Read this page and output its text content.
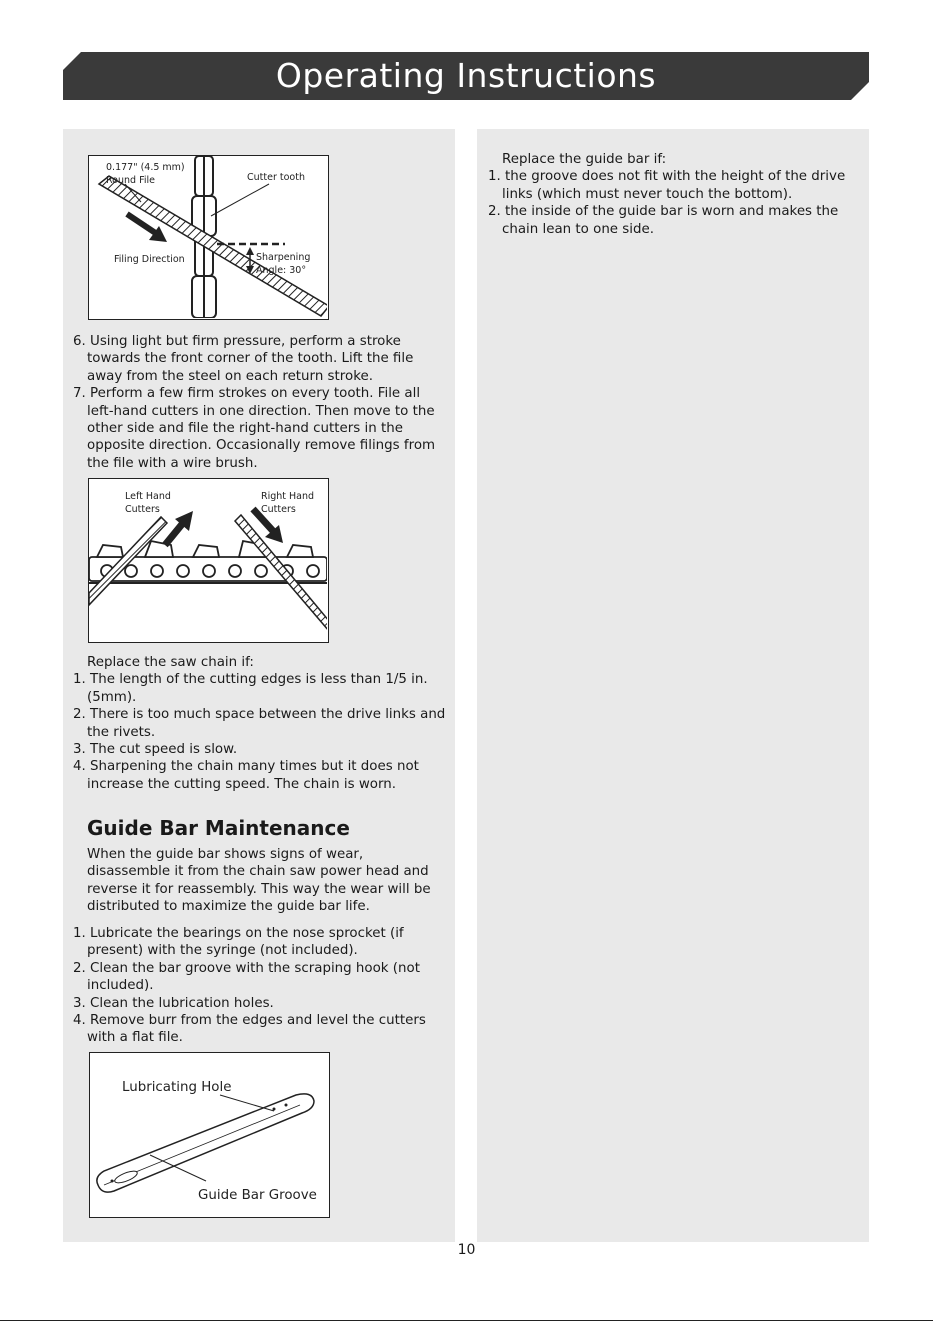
Operating Instructions
0.177" (4.5 mm)
Round File	Cutter tooth
Filing Direction	Sharpening
Angle: 30°
6. Using light but firm pressure, perform a stroke
towards the front corner of the tooth. Lift the file
away from the steel on each return stroke.
7. Perform a few firm strokes on every tooth. File all
left-hand cutters in one direction. Then move to the
other side and file the right-hand cutters in the
opposite direction. Occasionally remove filings from
the file with a wire brush.
Left Hand
Cutters
Right Hand
Cutters
Replace the saw chain if:
1. The length of the cutting edges is less than 1/5 in.
(5mm).
2. There is too much space between the drive links and
the rivets.
3. The cut speed is slow.
4. Sharpening the chain many times but it does not
increase the cutting speed. The chain is worn.
Guide Bar Maintenance
When the guide bar shows signs of wear,
disassemble it from the chain saw power head and
reverse it for reassembly. This way the wear will be
distributed to maximize the guide bar life.
1. Lubricate the bearings on the nose sprocket (if
present) with the syringe (not included).
2. Clean the bar groove with the scraping hook (not
included).
3. Clean the lubrication holes.
4. Remove burr from the edges and level the cutters
with a flat file.
Lubricating Hole
Guide Bar Groove
Replace the guide bar if:
1. the groove does not fit with the height of the drive
links (which must never touch the bottom).
2. the inside of the guide bar is worn and makes the
chain lean to one side.
10
